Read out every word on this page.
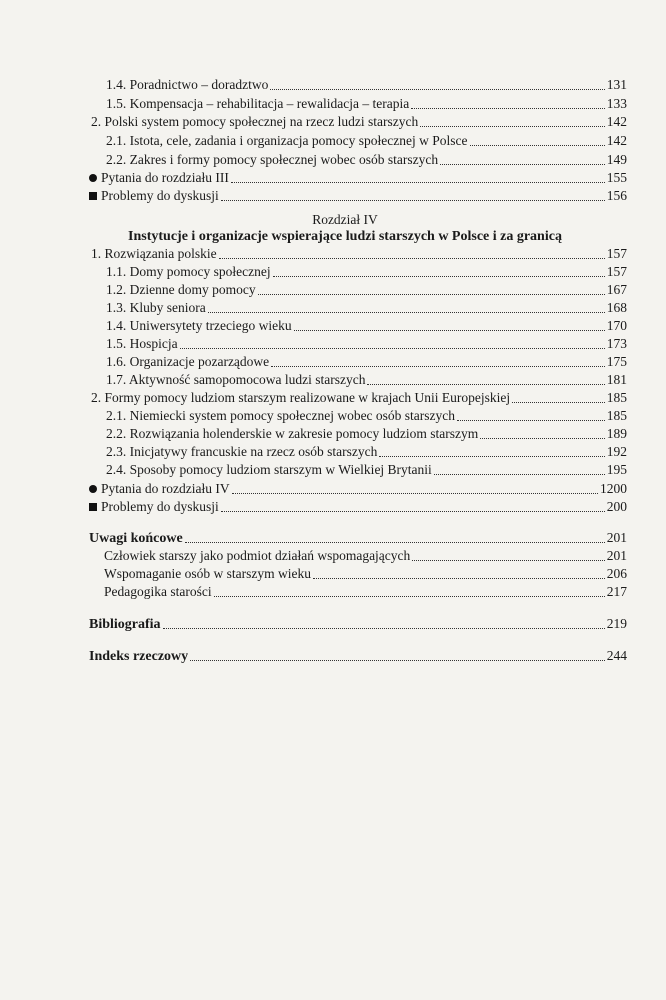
1.4. Poradnictwo – doradztwo	131
1.5. Kompensacja – rehabilitacja – rewalidacja – terapia	133
2. Polski system pomocy społecznej na rzecz ludzi starszych	142
2.1. Istota, cele, zadania i organizacja pomocy społecznej w Polsce	142
2.2. Zakres i formy pomocy społecznej wobec osób starszych	149
Pytania do rozdziału III	155
Problemy do dyskusji	156
Rozdział IV
Instytucje i organizacje wspierające ludzi starszych w Polsce i za granicą
1. Rozwiązania polskie	157
1.1. Domy pomocy społecznej	157
1.2. Dzienne domy pomocy	167
1.3. Kluby seniora	168
1.4. Uniwersytety trzeciego wieku	170
1.5. Hospicja	173
1.6. Organizacje pozarządowe	175
1.7. Aktywność samopomocowa ludzi starszych	181
2. Formy pomocy ludziom starszym realizowane w krajach Unii Europejskiej	185
2.1. Niemiecki system pomocy społecznej wobec osób starszych	185
2.2. Rozwiązania holenderskie w zakresie pomocy ludziom starszym	189
2.3. Inicjatywy francuskie na rzecz osób starszych	192
2.4. Sposoby pomocy ludziom starszym w Wielkiej Brytanii	195
Pytania do rozdziału IV	1200
Problemy do dyskusji	200
Uwagi końcowe	201
Człowiek starszy jako podmiot działań wspomagających	201
Wspomaganie osób w starszym wieku	206
Pedagogika starości	217
Bibliografia	219
Indeks rzeczowy	244
